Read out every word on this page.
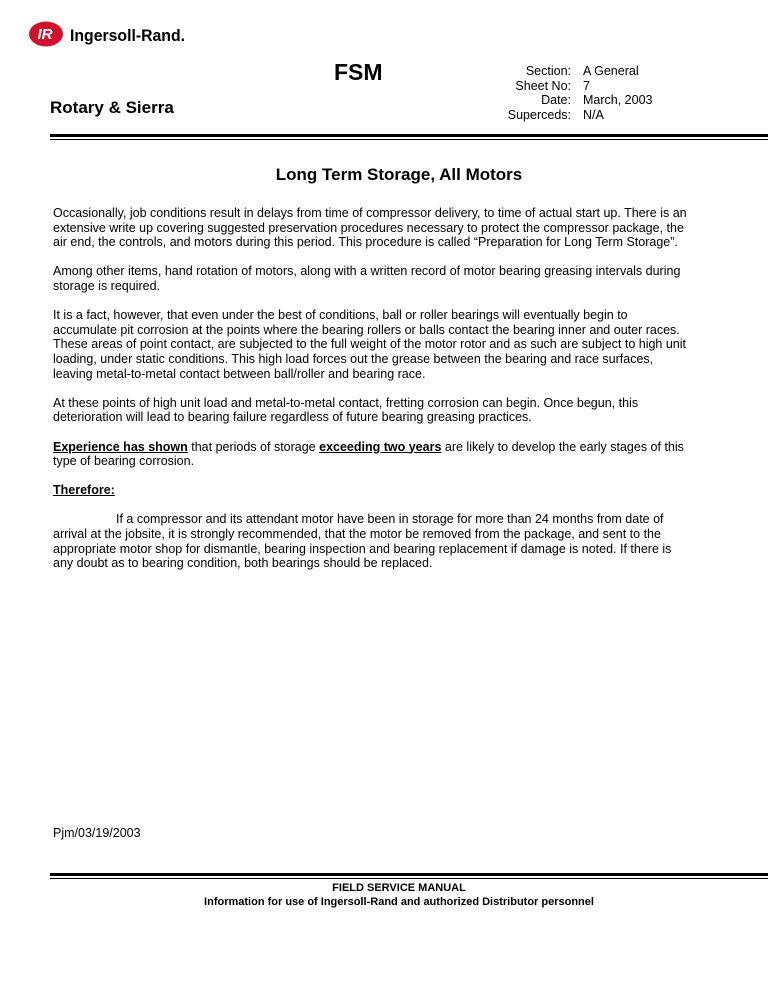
IR Ingersoll-Rand.
FSM
Rotary & Sierra
Section: A General
Sheet No: 7
Date: March, 2003
Superceds: N/A
Long Term Storage, All Motors

Occasionally, job conditions result in delays from time of compressor delivery, to time of actual start up. There is an extensive write up covering suggested preservation procedures necessary to protect the compressor package, the air end, the controls, and motors during this period. This procedure is called “Preparation for Long Term Storage”.

Among other items, hand rotation of motors, along with a written record of motor bearing greasing intervals during storage is required.

It is a fact, however, that even under the best of conditions, ball or roller bearings will eventually begin to accumulate pit corrosion at the points where the bearing rollers or balls contact the bearing inner and outer races. These areas of point contact, are subjected to the full weight of the motor rotor and as such are subject to high unit loading, under static conditions. This high load forces out the grease between the bearing and race surfaces, leaving metal-to-metal contact between ball/roller and bearing race.

At these points of high unit load and metal-to-metal contact, fretting corrosion can begin. Once begun, this deterioration will lead to bearing failure regardless of future bearing greasing practices.

Experience has shown that periods of storage exceeding two years are likely to develop the early stages of this type of bearing corrosion.

Therefore:

If a compressor and its attendant motor have been in storage for more than 24 months from date of arrival at the jobsite, it is strongly recommended, that the motor be removed from the package, and sent to the appropriate motor shop for dismantle, bearing inspection and bearing replacement if damage is noted. If there is any doubt as to bearing condition, both bearings should be replaced.

Pjm/03/19/2003
FIELD SERVICE MANUAL
Information for use of Ingersoll-Rand and authorized Distributor personnel
